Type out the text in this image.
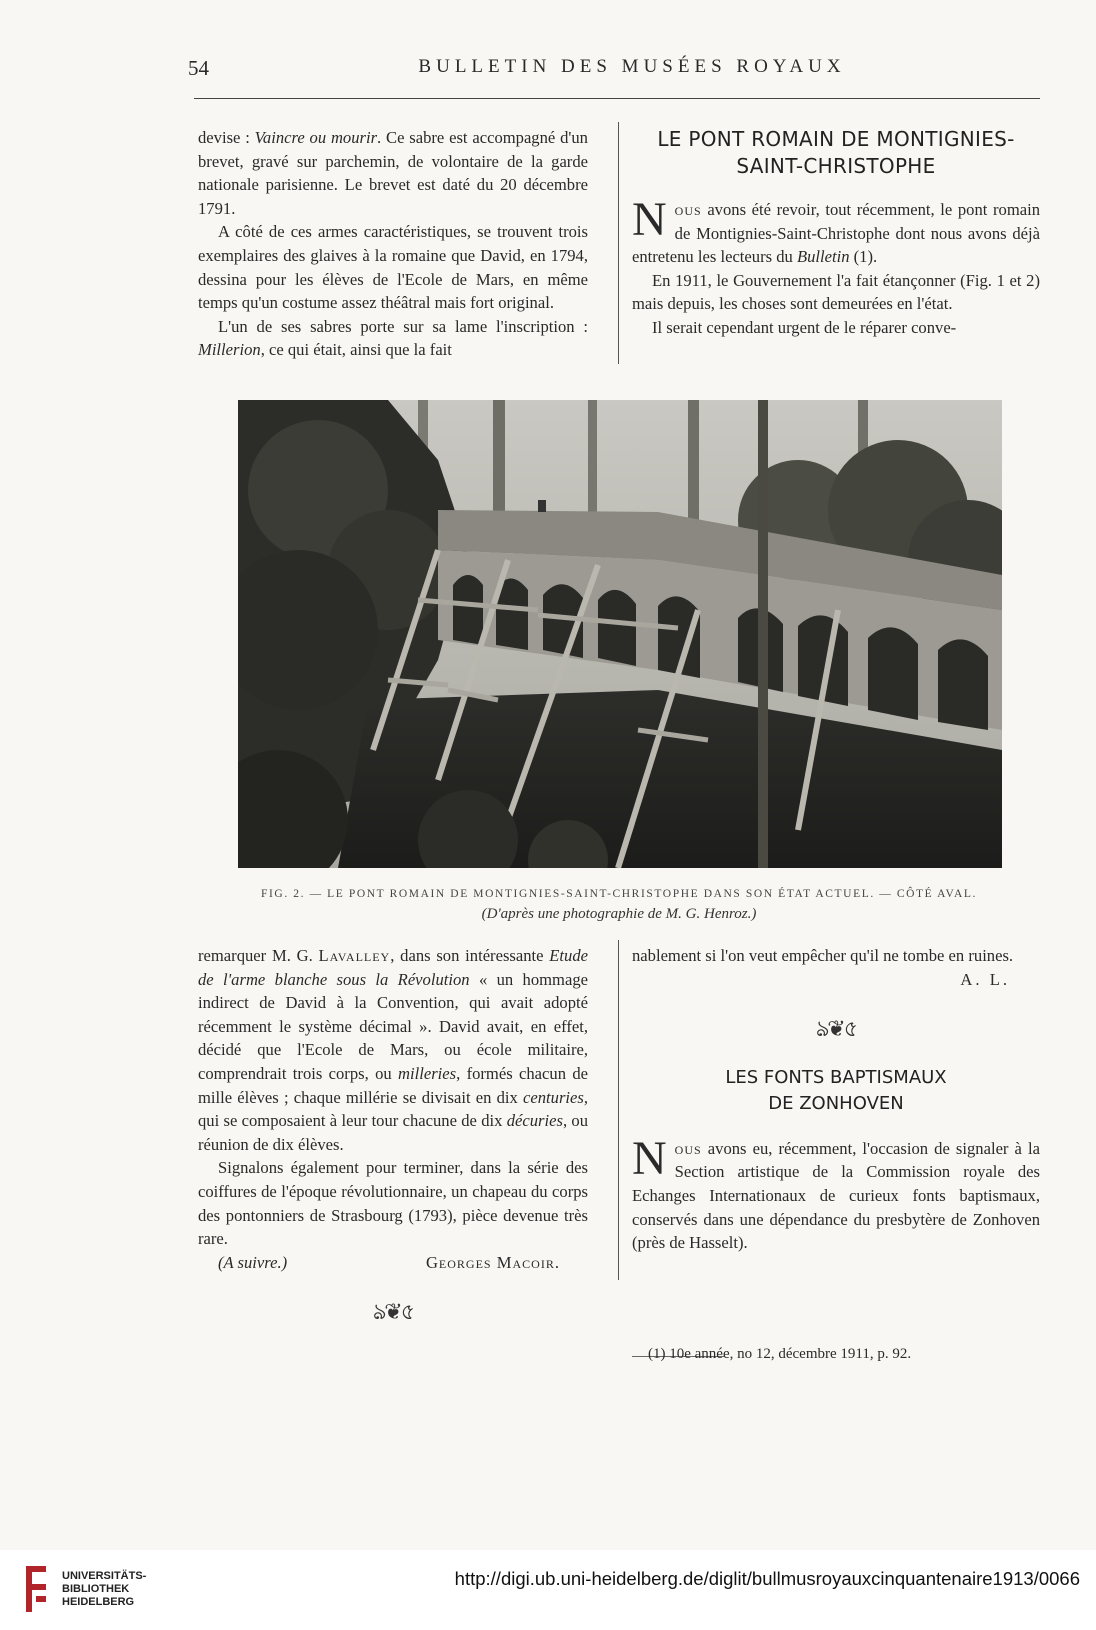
54	BULLETIN DES MUSÉES ROYAUX

devise : Vaincre ou mourir. Ce sabre est accompagné d'un brevet, gravé sur parchemin, de volontaire de la garde nationale parisienne. Le brevet est daté du 20 décembre 1791.

A côté de ces armes caractéristiques, se trouvent trois exemplaires des glaives à la romaine que David, en 1794, dessina pour les élèves de l'Ecole de Mars, en même temps qu'un costume assez théâtral mais fort original.

L'un de ses sabres porte sur sa lame l'inscription : Millerion, ce qui était, ainsi que la fait

LE PONT ROMAIN DE MONTIGNIES-
SAINT-CHRISTOPHE

Nous avons été revoir, tout récemment, le pont romain de Montignies-Saint-Christophe dont nous avons déjà entretenu les lecteurs du Bulletin (1).

En 1911, le Gouvernement l'a fait étançonner (Fig. 1 et 2) mais depuis, les choses sont demeurées en l'état.

Il serait cependant urgent de le réparer conve-

FIG. 2. — LE PONT ROMAIN DE MONTIGNIES-SAINT-CHRISTOPHE DANS SON ÉTAT ACTUEL. — CÔTÉ AVAL.
(D'après une photographie de M. G. Henroz.)

remarquer M. G. Lavalley, dans son intéressante Etude de l'arme blanche sous la Révolution « un hommage indirect de David à la Convention, qui avait adopté récemment le système décimal ». David avait, en effet, décidé que l'Ecole de Mars, ou école militaire, comprendrait trois corps, ou milleries, formés chacun de mille élèves ; chaque millérie se divisait en dix centuries, qui se composaient à leur tour chacune de dix décuries, ou réunion de dix élèves.

Signalons également pour terminer, dans la série des coiffures de l'époque révolutionnaire, un chapeau du corps des pontonniers de Strasbourg (1793), pièce devenue très rare.

(A suivre.)	Georges Macoir.
ঌ❦৫

nablement si l'on veut empêcher qu'il ne tombe en ruines.

A. L.
ঌ❦৫
LES FONTS BAPTISMAUX
DE ZONHOVEN

Nous avons eu, récemment, l'occasion de signaler à la Section artistique de la Commission royale des Echanges Internationaux de curieux fonts baptismaux, conservés dans une dépendance du presbytère de Zonhoven (près de Hasselt).

(1) 10e année, no 12, décembre 1911, p. 92.
UNIVERSITÄTS-
BIBLIOTHEK
HEIDELBERG
http://digi.ub.uni-heidelberg.de/diglit/bullmusroyauxcinquantenaire1913/0066
